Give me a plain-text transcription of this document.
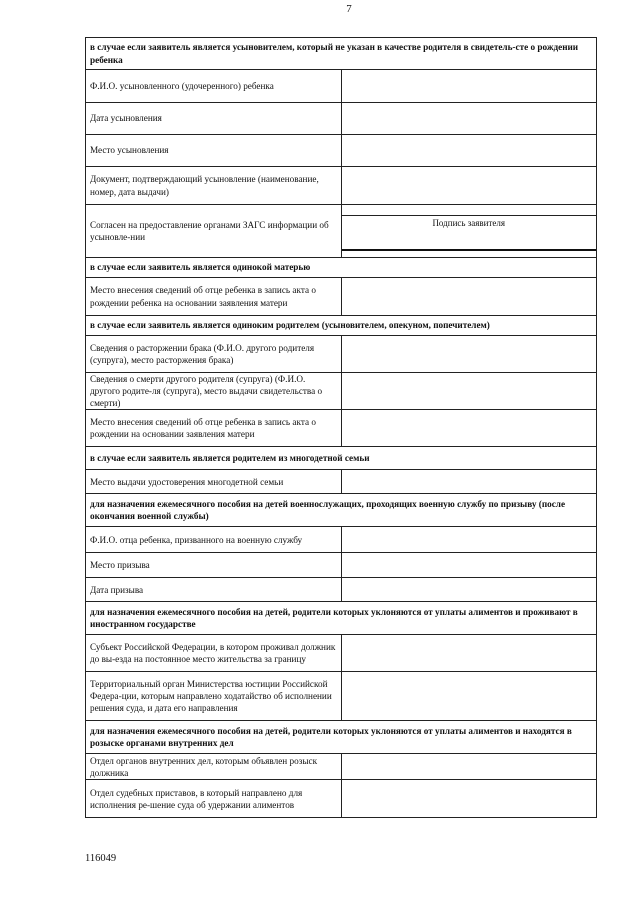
7
в случае если заявитель является усыновителем, который не указан в качестве родителя в свидетель-сте о рождении ребенка	
Ф.И.О. усыновленного (удочеренного) ребенка	
Дата усыновления	
Место усыновления	
Документ, подтверждающий усыновление (наименование, номер, дата выдачи)	
Согласен на предоставление органами ЗАГС информации об усыновле-нии	Подпись заявителя

в случае если заявитель является одинокой матерью	
Место внесения сведений об отце ребенка в запись акта о рождении ребенка на основании заявления матери	
в случае если заявитель является одиноким родителем (усыновителем, опекуном, попечителем)	
Сведения о расторжении брака (Ф.И.О. другого родителя (супруга), место расторжения брака)	
Сведения о смерти другого родителя (супруга) (Ф.И.О. другого родите-ля (супруга), место выдачи свидетельства о смерти)	
Место внесения сведений об отце ребенка в запись акта о рождении на основании заявления матери	
в случае если заявитель является родителем из многодетной семьи	
Место выдачи удостоверения многодетной семьи	
для назначения ежемесячного пособия на детей военнослужащих, проходящих военную службу по призыву (после окончания военной службы)	
Ф.И.О. отца ребенка, призванного на военную службу	
Место призыва	
Дата призыва	
для назначения ежемесячного пособия на детей, родители которых уклоняются от уплаты алиментов и проживают в иностранном государстве	
Субъект Российской Федерации, в котором проживал должник до вы-езда на постоянное место жительства за границу	
Территориальный орган Министерства юстиции Российской Федера-ции, которым направлено ходатайство об исполнении решения суда, и дата его направления	
для назначения ежемесячного пособия на детей, родители которых уклоняются от уплаты алиментов и находятся в розыске органами внутренних дел	
Отдел органов внутренних дел, которым объявлен розыск должника	
Отдел судебных приставов, в который направлено для исполнения ре-шение суда об удержании алиментов	
116049
